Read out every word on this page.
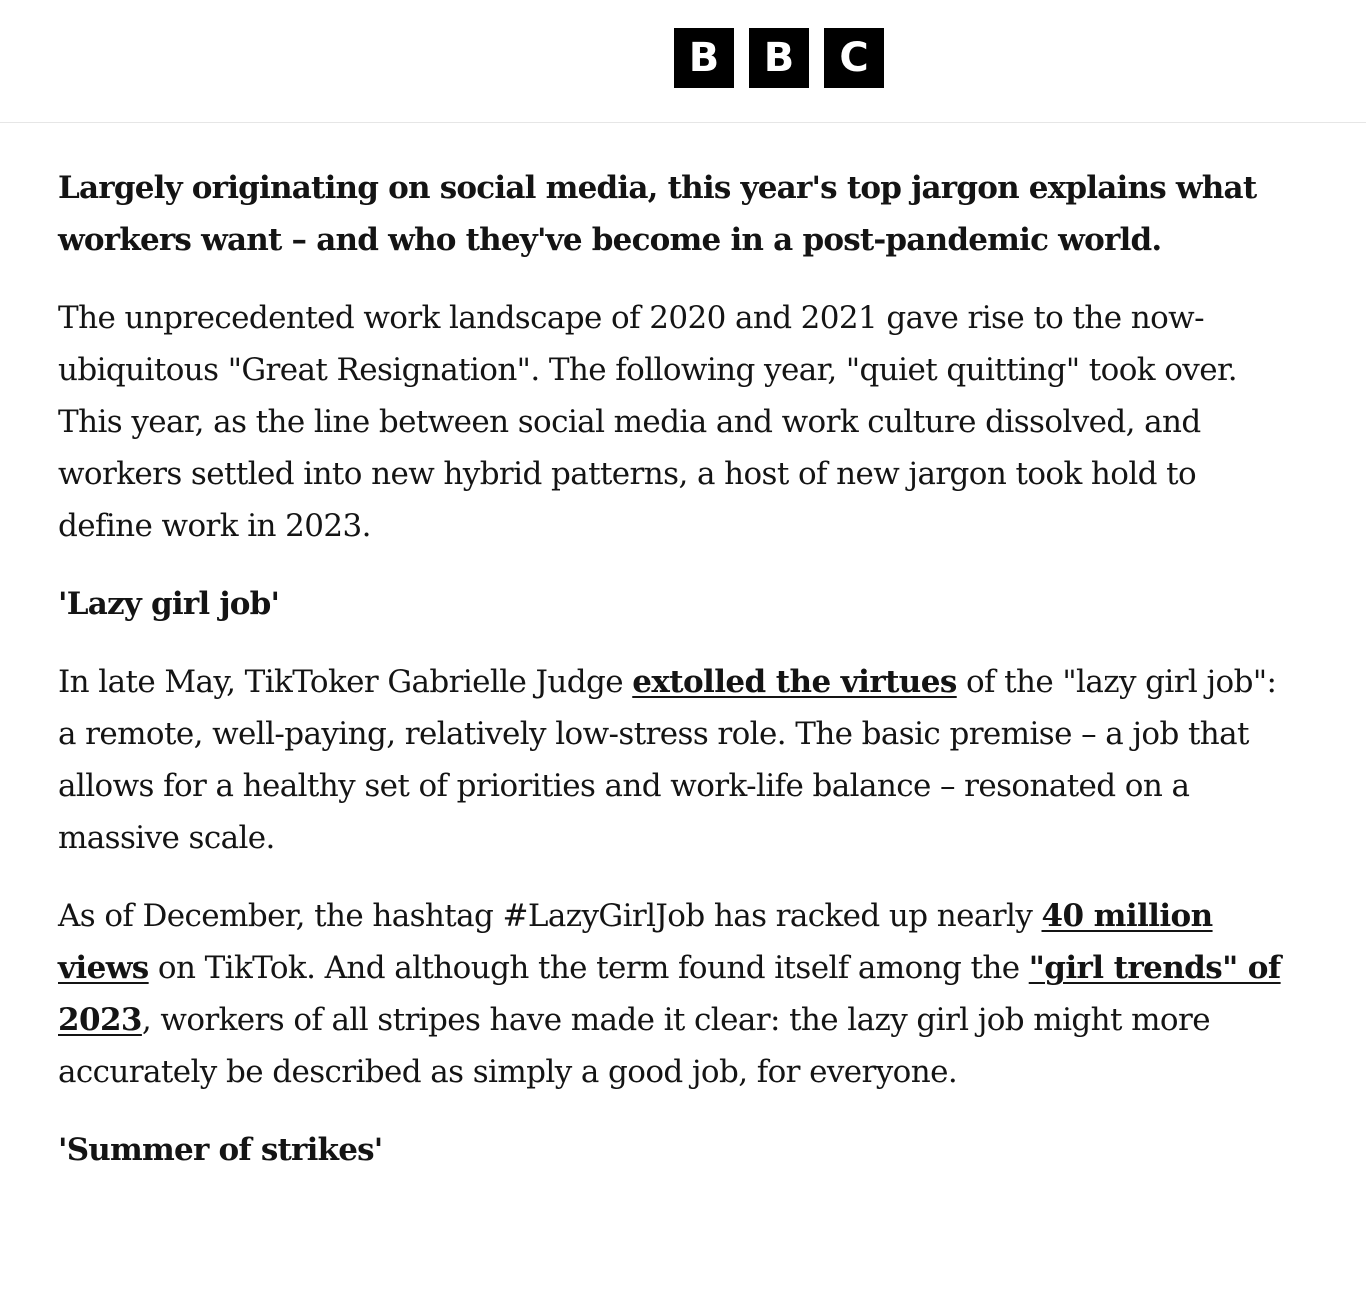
B	B	C

Largely originating on social media, this year's top jargon explains what workers want – and who they've become in a post-pandemic world.

The unprecedented work landscape of 2020 and 2021 gave rise to the now-ubiquitous "Great Resignation". The following year, "quiet quitting" took over. This year, as the line between social media and work culture dissolved, and workers settled into new hybrid patterns, a host of new jargon took hold to define work in 2023.

'Lazy girl job'

In late May, TikToker Gabrielle Judge extolled the virtues of the "lazy girl job": a remote, well-paying, relatively low-stress role. The basic premise – a job that allows for a healthy set of priorities and work-life balance – resonated on a massive scale.

As of December, the hashtag #LazyGirlJob has racked up nearly 40 million views on TikTok. And although the term found itself among the "girl trends" of 2023, workers of all stripes have made it clear: the lazy girl job might more accurately be described as simply a good job, for everyone.

'Summer of strikes'
